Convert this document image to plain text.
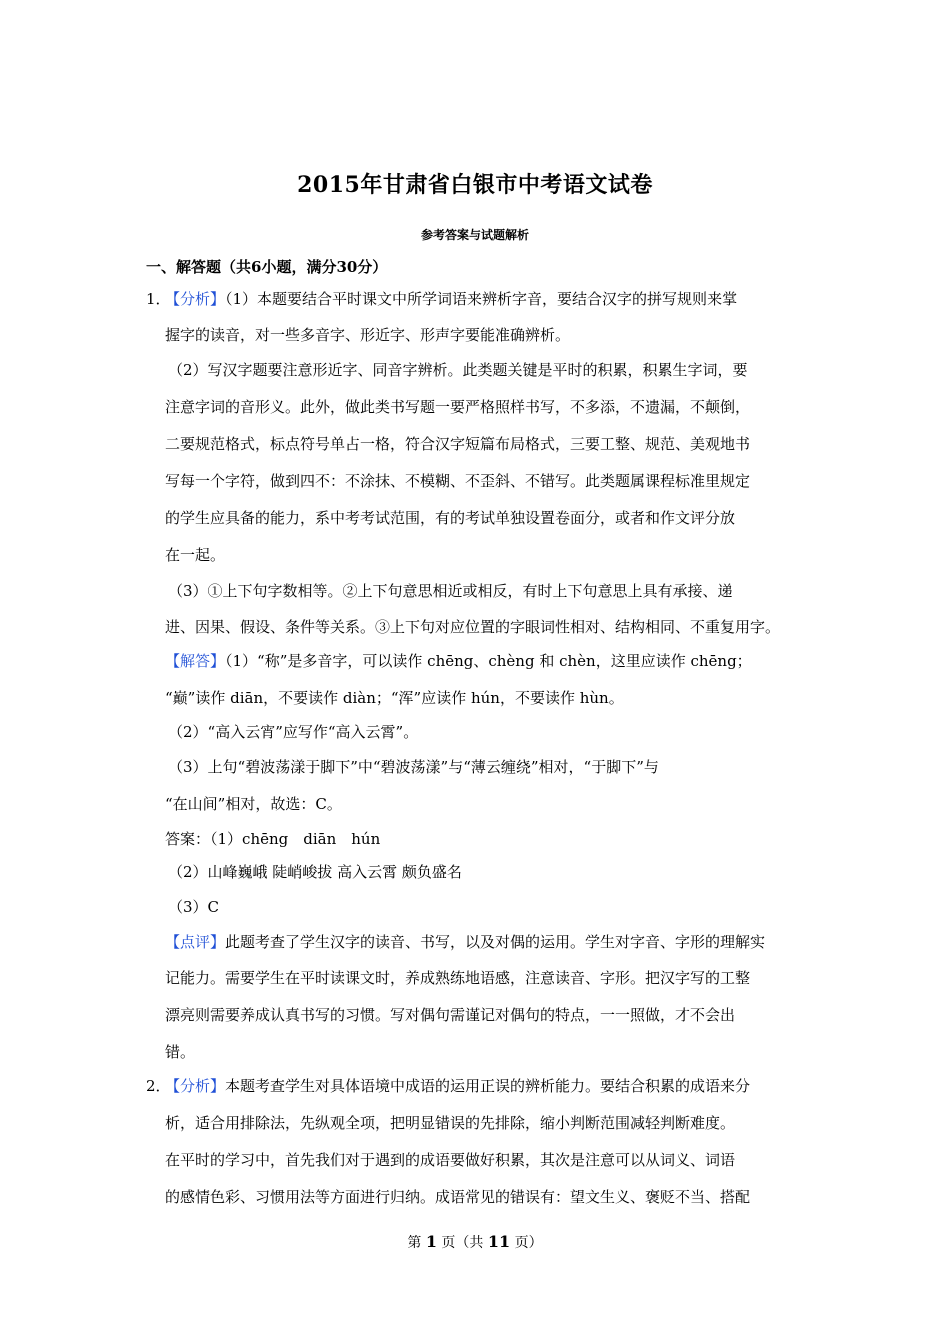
2015年甘肃省白银市中考语文试卷
参考答案与试题解析
一、解答题（共6小题，满分30分）
1．
【分析】（1）本题要结合平时课文中所学词语来辨析字音，要结合汉字的拼写规则来掌
握字的读音，对一些多音字、形近字、形声字要能准确辨析。
（2）写汉字题要注意形近字、同音字辨析。此类题关键是平时的积累，积累生字词，要
注意字词的音形义。此外，做此类书写题一要严格照样书写，不多添，不遗漏，不颠倒，
二要规范格式，标点符号单占一格，符合汉字短篇布局格式，三要工整、规范、美观地书
写每一个字符，做到四不：不涂抹、不模糊、不歪斜、不错写。此类题属课程标准里规定
的学生应具备的能力，系中考考试范围，有的考试单独设置卷面分，或者和作文评分放
在一起。
（3）①上下句字数相等。②上下句意思相近或相反，有时上下句意思上具有承接、递
进、因果、假设、条件等关系。③上下句对应位置的字眼词性相对、结构相同、不重复用字。
【解答】（1）“称”是多音字，可以读作 chēng、chèng 和 chèn，这里应读作 chēng；
“巅”读作 diān，不要读作 diàn；“浑”应读作 hún，不要读作 hùn。
（2）“高入云宵”应写作“高入云霄”。
（3）上句“碧波荡漾于脚下”中“碧波荡漾”与“薄云缠绕”相对，“于脚下”与
“在山间”相对，故选：C。
答案：（1）chēng　diān　hún
（2）山峰巍峨 陡峭峻拔 高入云霄 颇负盛名
（3）C
【点评】此题考查了学生汉字的读音、书写，以及对偶的运用。学生对字音、字形的理解实
记能力。需要学生在平时读课文时，养成熟练地语感，注意读音、字形。把汉字写的工整
漂亮则需要养成认真书写的习惯。写对偶句需谨记对偶句的特点，一一照做，才不会出
错。
2．
【分析】本题考查学生对具体语境中成语的运用正误的辨析能力。要结合积累的成语来分
析，适合用排除法，先纵观全项，把明显错误的先排除，缩小判断范围减轻判断难度。
在平时的学习中，首先我们对于遇到的成语要做好积累，其次是注意可以从词义、词语
的感情色彩、习惯用法等方面进行归纳。成语常见的错误有：望文生义、褒贬不当、搭配
第 1 页（共 11 页）
